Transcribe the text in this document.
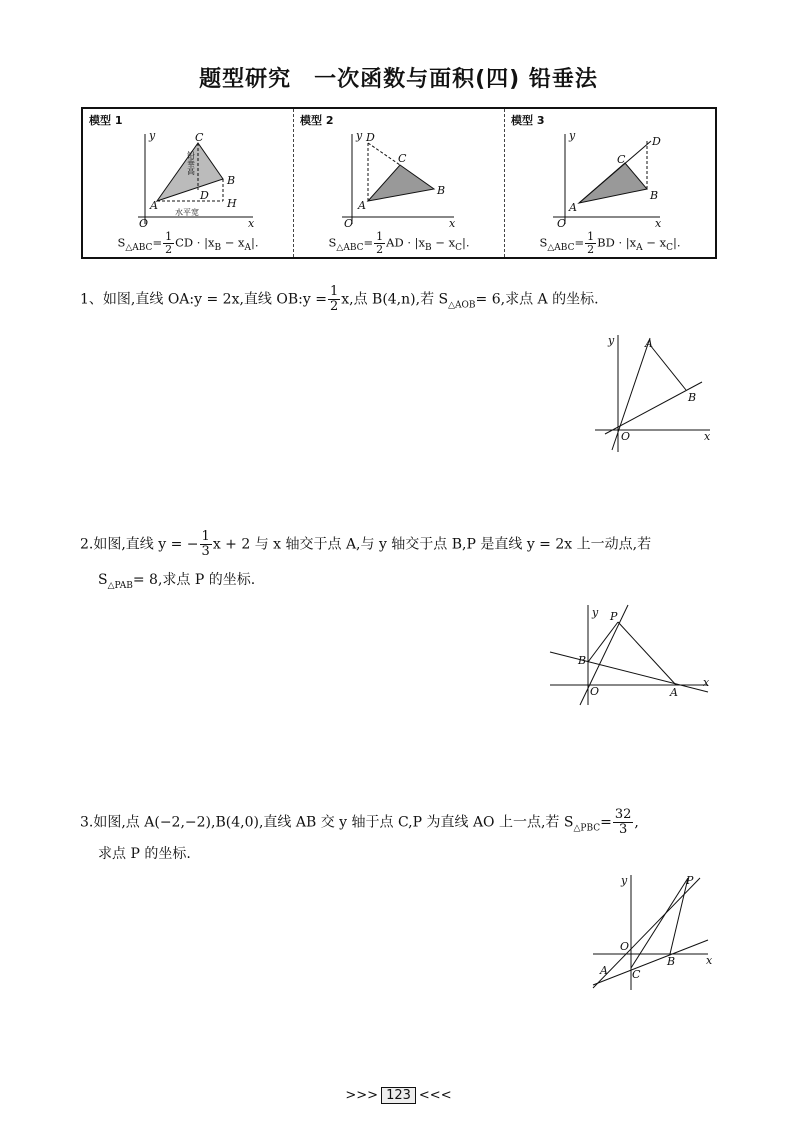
题型研究　一次函数与面积(四) 铅垂法
模型 1
y
x
O
C
B
D
H
A
铅垂高
水平宽
$S_{\triangle ABC}= \frac{1}{2}$ CD · $|x_B - x_A|$.
模型 2
y
x
O
C
B
D
A
$S_{\triangle ABC}= \frac{1}{2}$ AD · $|x_B - x_C|$.
模型 3
y
x
O
C
B
D
A
$S_{\triangle ABC}= \frac{1}{2}$ BD · $|x_A - x_C|$.
1、如图,直线 OA:y = 2x,直线 OB:y = $\frac{1}{2} x$,点 B(4,n),若 $S_{\triangle AOB}= 6$,求点 A 的坐标.
y
x
O
A
B
2.如图,直线 y = − $\frac{1}{3}$ x + 2 与 x 轴交于点 A,与 y 轴交于点 B,P 是直线 y = 2x 上一动点,若
$S_{\triangle PAB}= 8$,求点 P 的坐标.
y
x
O	A
B
P
3.如图,点 A(−2,−2),B(4,0),直线 AB 交 y 轴于点 C,P 为直线 AO 上一点,若 $S_{\triangle PBC}= \frac{32}{3}$ ,
求点 P 的坐标.
y
x
O
A
B
C
P
>>> 123 <<<
